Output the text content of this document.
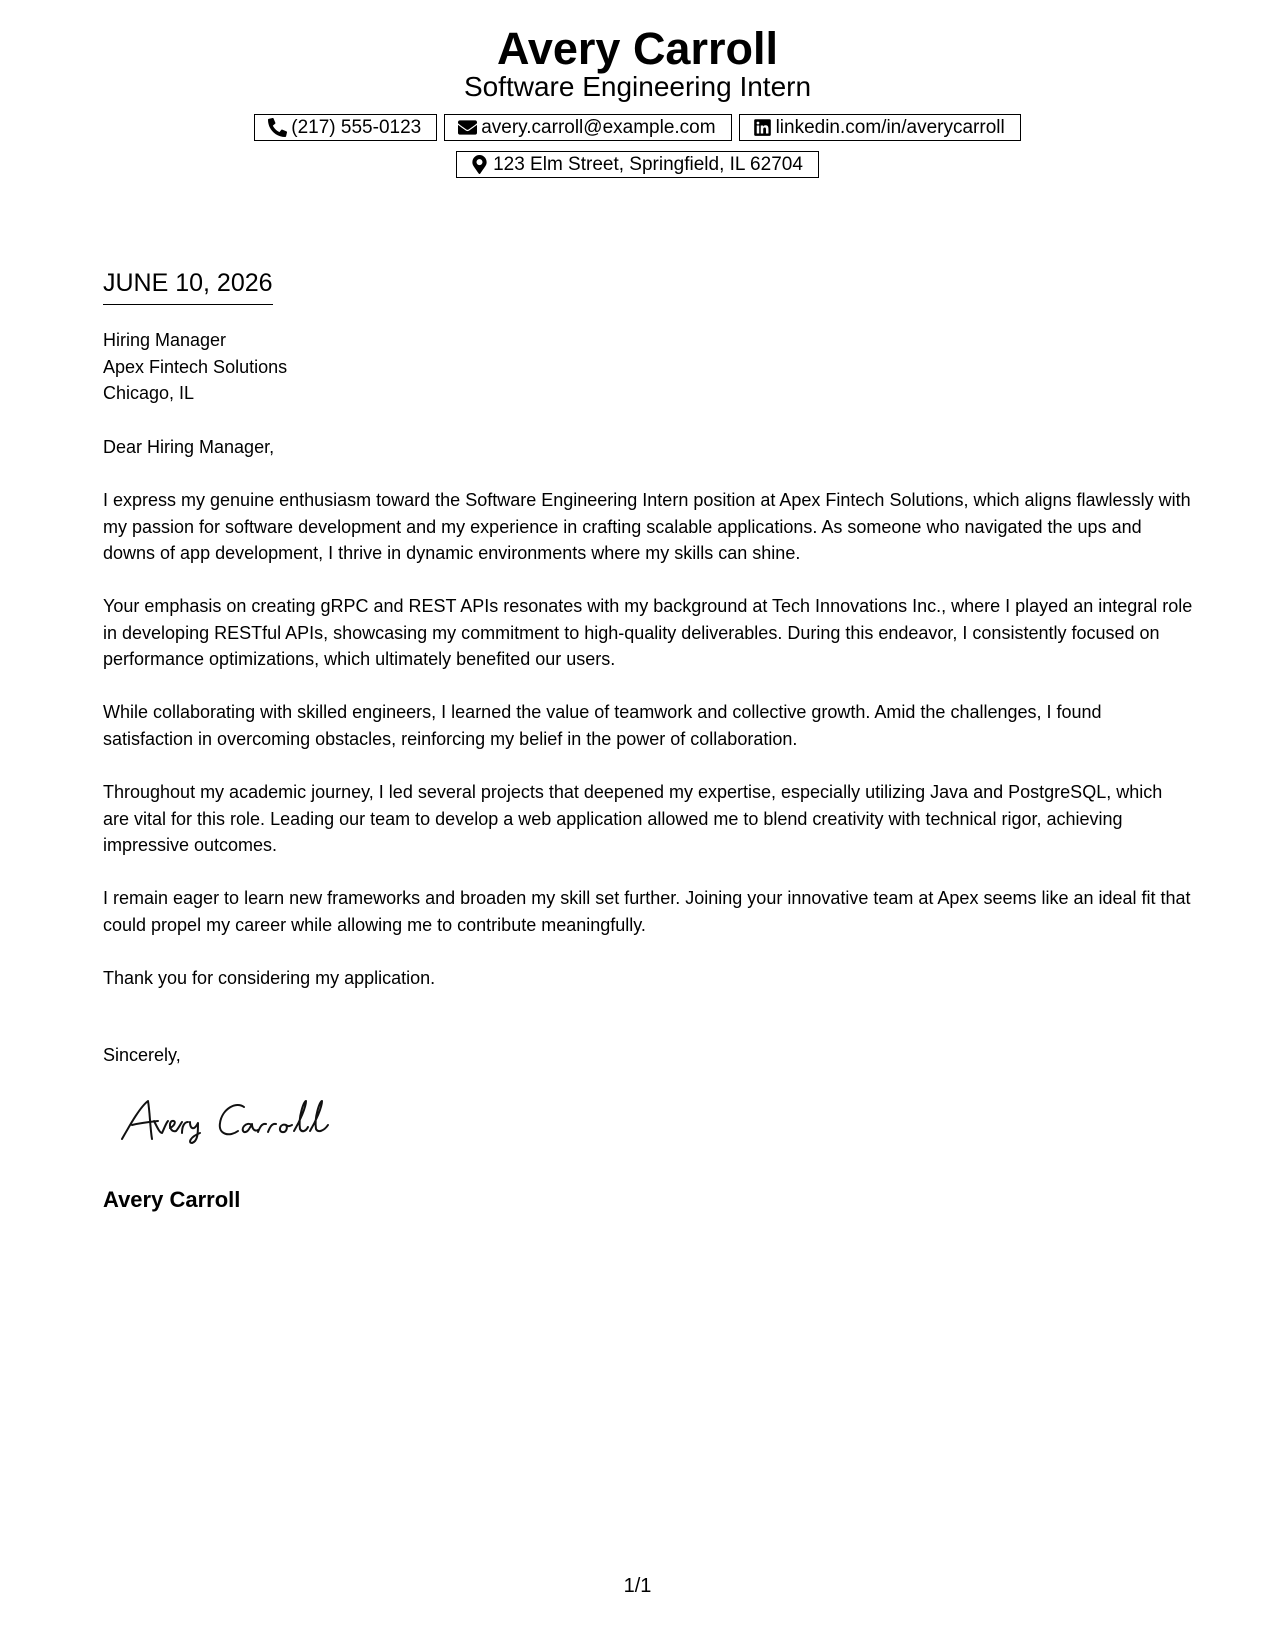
Avery Carroll
Software Engineering Intern
(217) 555-0123	avery.carroll@example.com	linkedin.com/in/averycarroll
123 Elm Street, Springfield, IL 62704
JUNE 10, 2026
Hiring Manager
Apex Fintech Solutions
Chicago, IL

Dear Hiring Manager,

I express my genuine enthusiasm toward the Software Engineering Intern position at Apex Fintech Solutions, which aligns flawlessly with my passion for software development and my experience in crafting scalable applications. As someone who navigated the ups and downs of app development, I thrive in dynamic environments where my skills can shine.

Your emphasis on creating gRPC and REST APIs resonates with my background at Tech Innovations Inc., where I played an integral role in developing RESTful APIs, showcasing my commitment to high-quality deliverables. During this endeavor, I consistently focused on performance optimizations, which ultimately benefited our users.

While collaborating with skilled engineers, I learned the value of teamwork and collective growth. Amid the challenges, I found satisfaction in overcoming obstacles, reinforcing my belief in the power of collaboration.

Throughout my academic journey, I led several projects that deepened my expertise, especially utilizing Java and PostgreSQL, which are vital for this role. Leading our team to develop a web application allowed me to blend creativity with technical rigor, achieving impressive outcomes.

I remain eager to learn new frameworks and broaden my skill set further. Joining your innovative team at Apex seems like an ideal fit that could propel my career while allowing me to contribute meaningfully.

Thank you for considering my application.

Sincerely,

Avery Carroll
1/1
